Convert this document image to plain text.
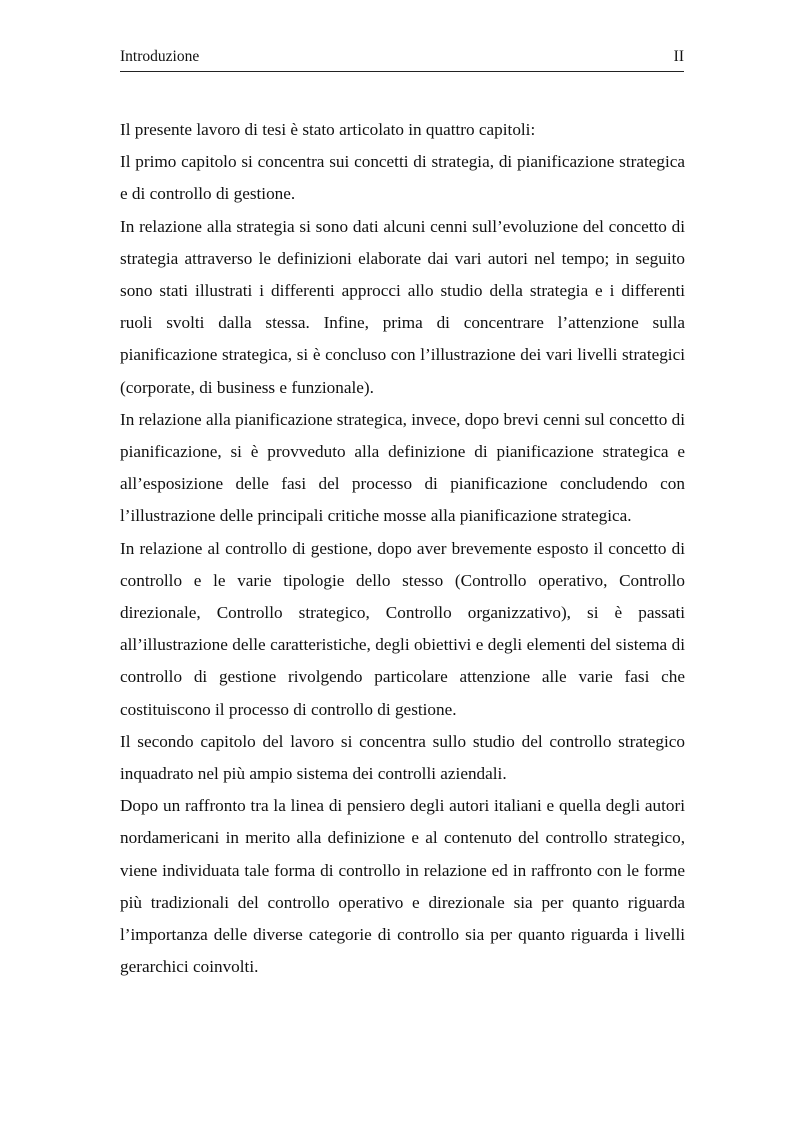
Introduzione	II

Il presente lavoro di tesi è stato articolato in quattro capitoli:

Il primo capitolo si concentra sui concetti di strategia, di pianificazione strategica e di controllo di gestione.

In relazione alla strategia si sono dati alcuni cenni sull’evoluzione del concetto di strategia attraverso le definizioni elaborate dai vari autori nel tempo; in seguito sono stati illustrati i differenti approcci allo studio della strategia e i differenti ruoli svolti dalla stessa. Infine, prima di concentrare l’attenzione sulla pianificazione strategica, si è concluso con l’illustrazione dei vari livelli strategici (corporate, di business e funzionale).

In relazione alla pianificazione strategica, invece, dopo brevi cenni sul concetto di pianificazione, si è provveduto alla definizione di pianificazione strategica e all’esposizione delle fasi del processo di pianificazione concludendo con l’illustrazione delle principali critiche mosse alla pianificazione strategica.

In relazione al controllo di gestione, dopo aver brevemente esposto il concetto di controllo e le varie tipologie dello stesso (Controllo operativo, Controllo direzionale, Controllo strategico, Controllo organizzativo), si è passati all’illustrazione delle caratteristiche, degli obiettivi e degli elementi del sistema di controllo di gestione rivolgendo particolare attenzione alle varie fasi che costituiscono il processo di controllo di gestione.

Il secondo capitolo del lavoro si concentra sullo studio del controllo strategico inquadrato nel più ampio sistema dei controlli aziendali.

Dopo un raffronto tra la linea di pensiero degli autori italiani e quella degli autori nordamericani in merito alla definizione e al contenuto del controllo strategico, viene individuata tale forma di controllo in relazione ed in raffronto con le forme più tradizionali del controllo operativo e direzionale sia per quanto riguarda l’importanza delle diverse categorie di controllo sia per quanto riguarda i livelli gerarchici coinvolti.
